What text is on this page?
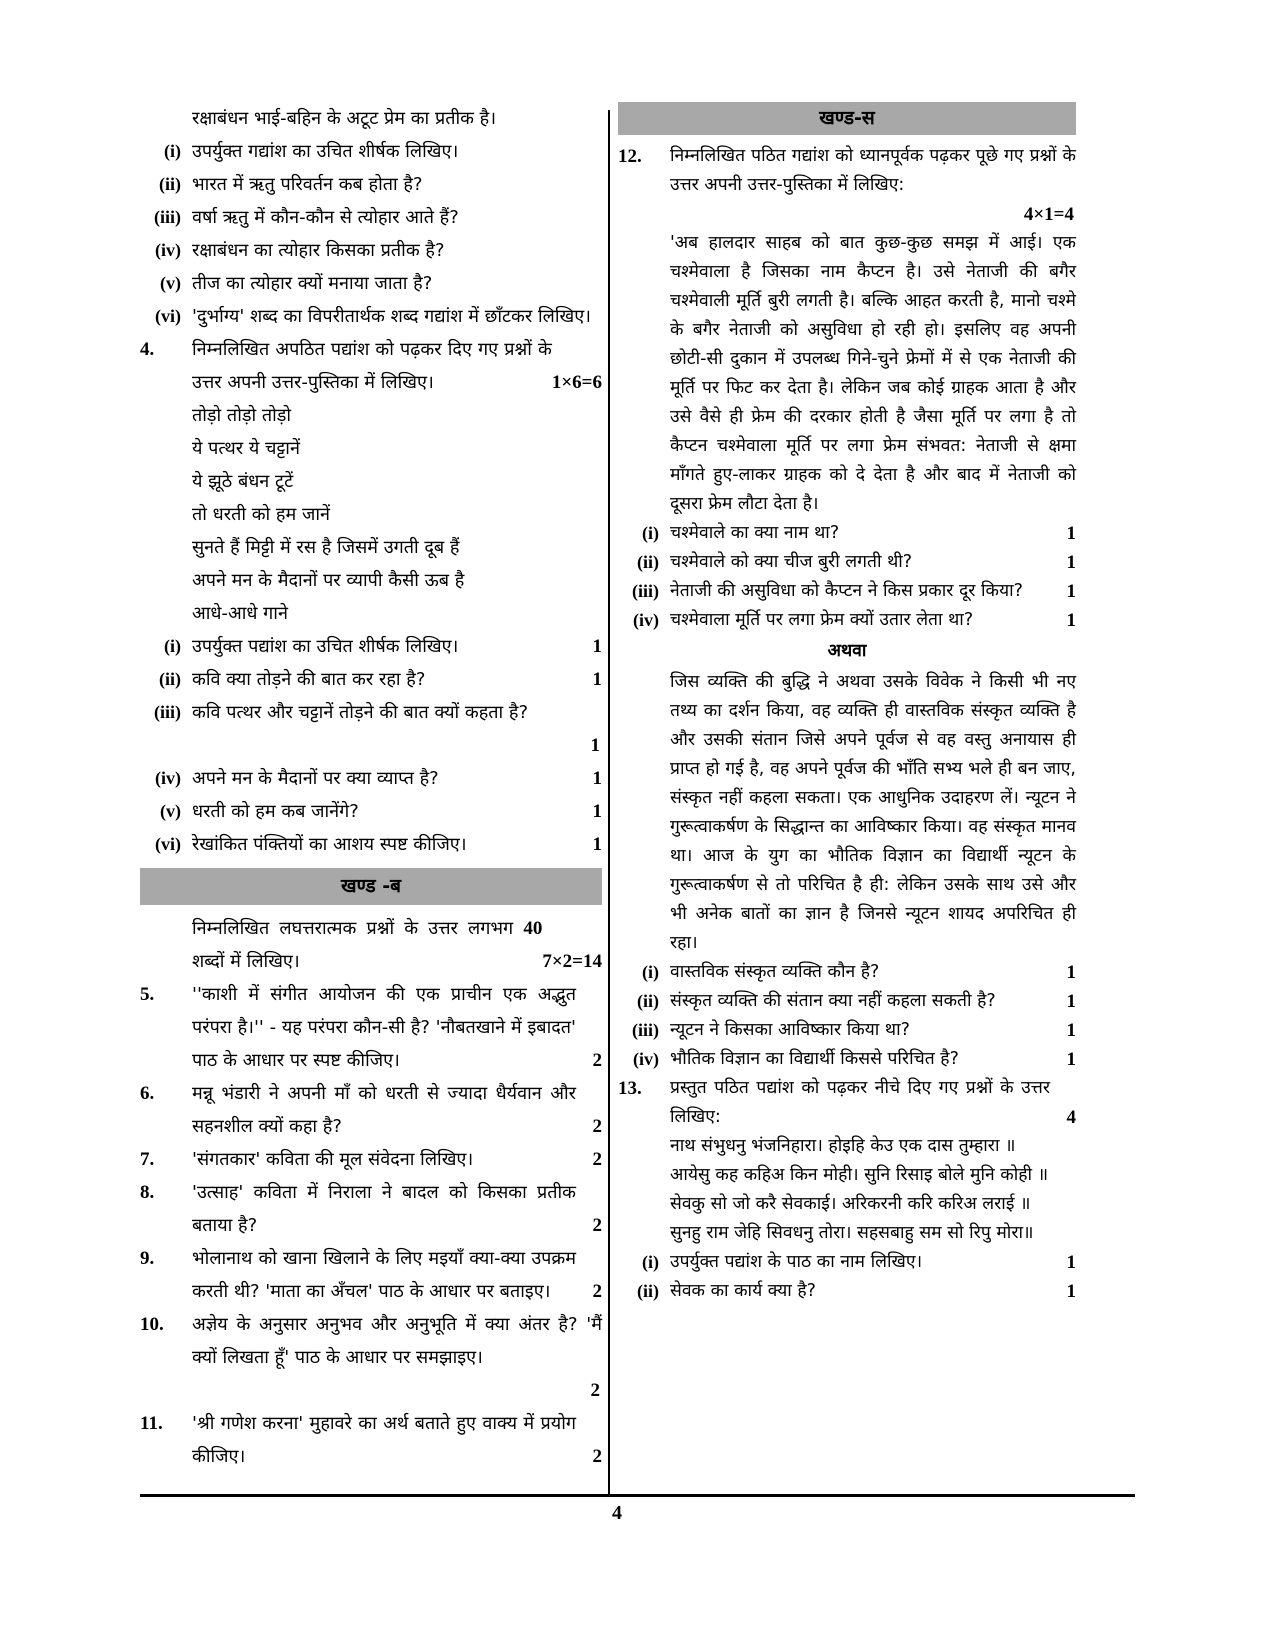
रक्षाबंधन भाई-बहिन के अटूट प्रेम का प्रतीक है।
(i) उपर्युक्त गद्यांश का उचित शीर्षक लिखिए।
(ii) भारत में ऋतु परिवर्तन कब होता है?
(iii) वर्षा ऋतु में कौन-कौन से त्योहार आते हैं?
(iv) रक्षाबंधन का त्योहार किसका प्रतीक है?
(v) तीज का त्योहार क्यों मनाया जाता है?
(vi) 'दुर्भाग्य' शब्द का विपरीतार्थक शब्द गद्यांश में छाँटकर लिखिए।
4.	निम्नलिखित अपठित पद्यांश को पढ़कर दिए गए प्रश्नों के उत्तर अपनी उत्तर-पुस्तिका में लिखिए।	1×6=6
तोड़ो तोड़ो तोड़ो
ये पत्थर ये चट्टानें
ये झूठे बंधन टूटें
तो धरती को हम जानें
सुनते हैं मिट्टी में रस है जिसमें उगती दूब हैं
अपने मन के मैदानों पर व्यापी कैसी ऊब है
आधे-आधे गाने
(i) उपर्युक्त पद्यांश का उचित शीर्षक लिखिए।	1
(ii) कवि क्या तोड़ने की बात कर रहा है?	1
(iii) कवि पत्थर और चट्टानें तोड़ने की बात क्यों कहता है?
1
(iv) अपने मन के मैदानों पर क्या व्याप्त है?	1
(v) धरती को हम कब जानेंगे?	1
(vi) रेखांकित पंक्तियों का आशय स्पष्ट कीजिए।	1
खण्ड -ब
निम्नलिखित लघत्तरात्मक प्रश्नों के उत्तर लगभग 40 शब्दों में लिखिए।	7×2=14
5.	''काशी में संगीत आयोजन की एक प्राचीन एक अद्भुत परंपरा है।'' - यह परंपरा कौन-सी है? 'नौबतखाने में इबादत' पाठ के आधार पर स्पष्ट कीजिए।	2
6.	मन्नू भंडारी ने अपनी माँ को धरती से ज्यादा धैर्यवान और सहनशील क्यों कहा है?	2
7.	'संगतकार' कविता की मूल संवेदना लिखिए।	2
8.	'उत्साह' कविता में निराला ने बादल को किसका प्रतीक बताया है?	2
9.	भोलानाथ को खाना खिलाने के लिए मइयाँ क्या-क्या उपक्रम करती थी? 'माता का अँचल' पाठ के आधार पर बताइए।	2
10.	अज्ञेय के अनुसार अनुभव और अनुभूति में क्या अंतर है? 'मैं क्यों लिखता हूँ' पाठ के आधार पर समझाइए।
2
11.	'श्री गणेश करना' मुहावरे का अर्थ बताते हुए वाक्य में प्रयोग कीजिए।	2
खण्ड-स
12.	निम्नलिखित पठित गद्यांश को ध्यानपूर्वक पढ़कर पूछे गए प्रश्नों के उत्तर अपनी उत्तर-पुस्तिका में लिखिए:
4×1=4
'अब हालदार साहब को बात कुछ-कुछ समझ में आई। एक चश्मेवाला है जिसका नाम कैप्टन है। उसे नेताजी की बगैर चश्मेवाली मूर्ति बुरी लगती है। बल्कि आहत करती है, मानो चश्मे के बगैर नेताजी को असुविधा हो रही हो। इसलिए वह अपनी छोटी-सी दुकान में उपलब्ध गिने-चुने फ्रेमों में से एक नेताजी की मूर्ति पर फिट कर देता है। लेकिन जब कोई ग्राहक आता है और उसे वैसे ही फ्रेम की दरकार होती है जैसा मूर्ति पर लगा है तो कैप्टन चश्मेवाला मूर्ति पर लगा फ्रेम संभवत: नेताजी से क्षमा माँगते हुए-लाकर ग्राहक को दे देता है और बाद में नेताजी को दूसरा फ्रेम लौटा देता है।
(i) चश्मेवाले का क्या नाम था?	1
(ii) चश्मेवाले को क्या चीज बुरी लगती थी?	1
(iii) नेताजी की असुविधा को कैप्टन ने किस प्रकार दूर किया?	1
(iv) चश्मेवाला मूर्ति पर लगा फ्रेम क्यों उतार लेता था?	1
अथवा
जिस व्यक्ति की बुद्धि ने अथवा उसके विवेक ने किसी भी नए तथ्य का दर्शन किया, वह व्यक्ति ही वास्तविक संस्कृत व्यक्ति है और उसकी संतान जिसे अपने पूर्वज से वह वस्तु अनायास ही प्राप्त हो गई है, वह अपने पूर्वज की भाँति सभ्य भले ही बन जाए, संस्कृत नहीं कहला सकता। एक आधुनिक उदाहरण लें। न्यूटन ने गुरूत्वाकर्षण के सिद्धान्त का आविष्कार किया। वह संस्कृत मानव था। आज के युग का भौतिक विज्ञान का विद्यार्थी न्यूटन के गुरूत्वाकर्षण से तो परिचित है ही: लेकिन उसके साथ उसे और भी अनेक बातों का ज्ञान है जिनसे न्यूटन शायद अपरिचित ही रहा।
(i) वास्तविक संस्कृत व्यक्ति कौन है?	1
(ii) संस्कृत व्यक्ति की संतान क्या नहीं कहला सकती है?	1
(iii) न्यूटन ने किसका आविष्कार किया था?	1
(iv) भौतिक विज्ञान का विद्यार्थी किससे परिचित है?	1
13.	प्रस्तुत पठित पद्यांश को पढ़कर नीचे दिए गए प्रश्नों के उत्तर लिखिए:	4
नाथ संभुधनु भंजनिहारा। होइहि केउ एक दास तुम्हारा ॥
आयेसु कह कहिअ किन मोही। सुनि रिसाइ बोले मुनि कोही ॥
सेवकु सो जो करै सेवकाई। अरिकरनी करि करिअ लराई ॥
सुनहु राम जेहि सिवधनु तोरा। सहसबाहु सम सो रिपु मोरा॥
(i) उपर्युक्त पद्यांश के पाठ का नाम लिखिए।	1
(ii) सेवक का कार्य क्या है?	1
4
